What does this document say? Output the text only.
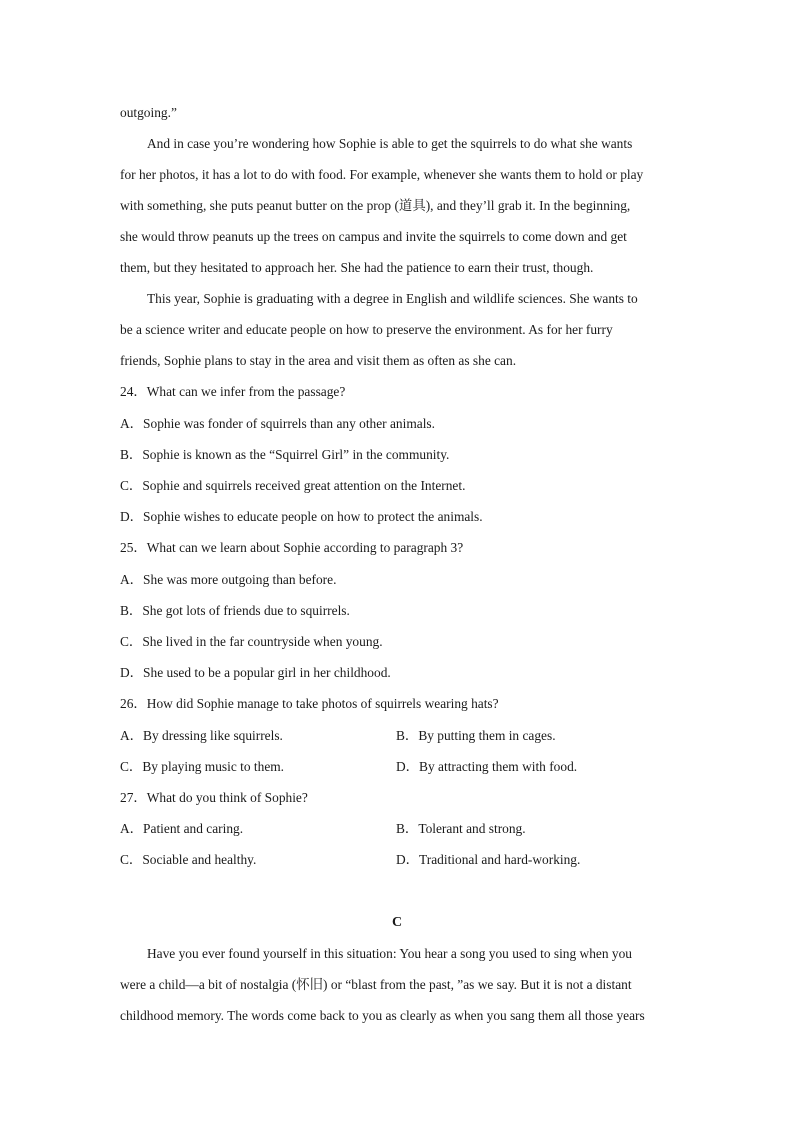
outgoing.”
And in case you’re wondering how Sophie is able to get the squirrels to do what she wants
for her photos, it has a lot to do with food. For example, whenever she wants them to hold or play
with something, she puts peanut butter on the prop (道具), and they’ll grab it. In the beginning,
she would throw peanuts up the trees on campus and invite the squirrels to come down and get
them, but they hesitated to approach her. She had the patience to earn their trust, though.
This year, Sophie is graduating with a degree in English and wildlife sciences. She wants to
be a science writer and educate people on how to preserve the environment. As for her furry
friends, Sophie plans to stay in the area and visit them as often as she can.
24．What can we infer from the passage?
A．Sophie was fonder of squirrels than any other animals.
B．Sophie is known as the “Squirrel Girl” in the community.
C．Sophie and squirrels received great attention on the Internet.
D．Sophie wishes to educate people on how to protect the animals.
25．What can we learn about Sophie according to paragraph 3?
A．She was more outgoing than before.
B．She got lots of friends due to squirrels.
C．She lived in the far countryside when young.
D．She used to be a popular girl in her childhood.
26．How did Sophie manage to take photos of squirrels wearing hats?
A．By dressing like squirrels.	B．By putting them in cages.
C．By playing music to them.	D．By attracting them with food.
27．What do you think of Sophie?
A．Patient and caring.	B．Tolerant and strong.
C．Sociable and healthy.	D．Traditional and hard-working.
C
Have you ever found yourself in this situation: You hear a song you used to sing when you
were a child—a bit of nostalgia (怀旧) or “blast from the past, ”as we say. But it is not a distant
childhood memory. The words come back to you as clearly as when you sang them all those years
